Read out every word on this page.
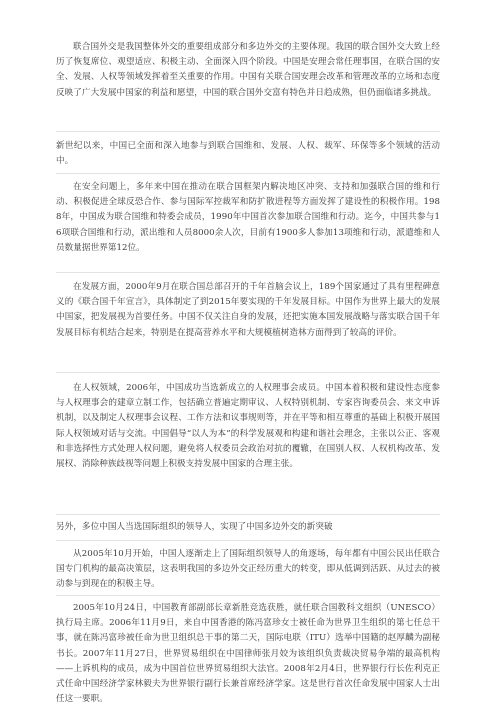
联合国外交是我国整体外交的重要组成部分和多边外交的主要体现。我国的联合国外交大致上经历了恢复席位、观望适应、积极主动、全面深入四个阶段。中国是安理会常任理事国，在联合国的安全、发展、人权等领域发挥着至关重要的作用。中国有关联合国安理会改革和管理改革的立场和态度反映了广大发展中国家的利益和愿望，中国的联合国外交富有特色并日趋成熟，但仍面临诸多挑战。

新世纪以来，中国已全面和深入地参与到联合国维和、发展、人权、裁军、环保等多个领域的活动中。

在安全问题上，多年来中国在推动在联合国框架内解决地区冲突、支持和加强联合国的维和行动、积极促进全球反恐合作、参与国际军控裁军和防扩散进程等方面发挥了建设性的积极作用。1988年，中国成为联合国维和特委会成员，1990年中国首次参加联合国维和行动。迄今，中国共参与16项联合国维和行动，派出维和人员8000余人次，目前有1900多人参加13项维和行动，派遣维和人员数量据世界第12位。

在发展方面，2000年9月在联合国总部召开的千年首脑会议上，189个国家通过了具有里程碑意义的《联合国千年宣言》，具体制定了到2015年要实现的千年发展目标。中国作为世界上最大的发展中国家，把发展视为首要任务。中国不仅关注自身的发展，还把实施本国发展战略与落实联合国千年发展目标有机结合起来，特别是在提高营养水平和大规模植树造林方面得到了较高的评价。

在人权领域，2006年，中国成功当选新成立的人权理事会成员。中国本着积极和建设性态度参与人权理事会的建章立制工作，包括确立普遍定期审议、人权特别机制、专家咨询委员会、来文申诉机制，以及制定人权理事会议程、工作方法和议事规则等，并在平等和相互尊重的基础上积极开展国际人权领域对话与交流。中国倡导“以人为本”的科学发展观和构建和谐社会理念，主张以公正、客观和非选择性方式处理人权问题，避免将人权委员会政治对抗的覆辙，在国别人权、人权机构改革、发展权、消除种族歧视等问题上积极支持发展中国家的合理主张。

另外，多位中国人当选国际组织的领导人，实现了中国多边外交的新突破

从2005年10月开始，中国人逐渐走上了国际组织领导人的角逐场，每年都有中国公民出任联合国专门机构的最高决策层，这表明我国的多边外交正经历重大的转变，即从低调到活跃、从过去的被动参与到现在的积极主导。

2005年10月24日，中国教育部副部长章新胜竞选获胜，就任联合国教科文组织（UNESCO）执行局主席。2006年11月9日，来自中国香港的陈冯富珍女士被任命为世界卫生组织的第七任总干事，就在陈冯富珍被任命为世卫组织总干事的第二天，国际电联（ITU）选举中国籍的赵厚麟为副秘书长。2007年11月27日，世界贸易组织在中国律师张月姣为该组织负责裁决贸易争端的最高机构——上诉机构的成员，成为中国首位世界贸易组织大法官。2008年2月4日，世界银行行长佐利克正式任命中国经济学家林毅夫为世界银行副行长兼首席经济学家。这是世行首次任命发展中国家人士出任这一要职。
